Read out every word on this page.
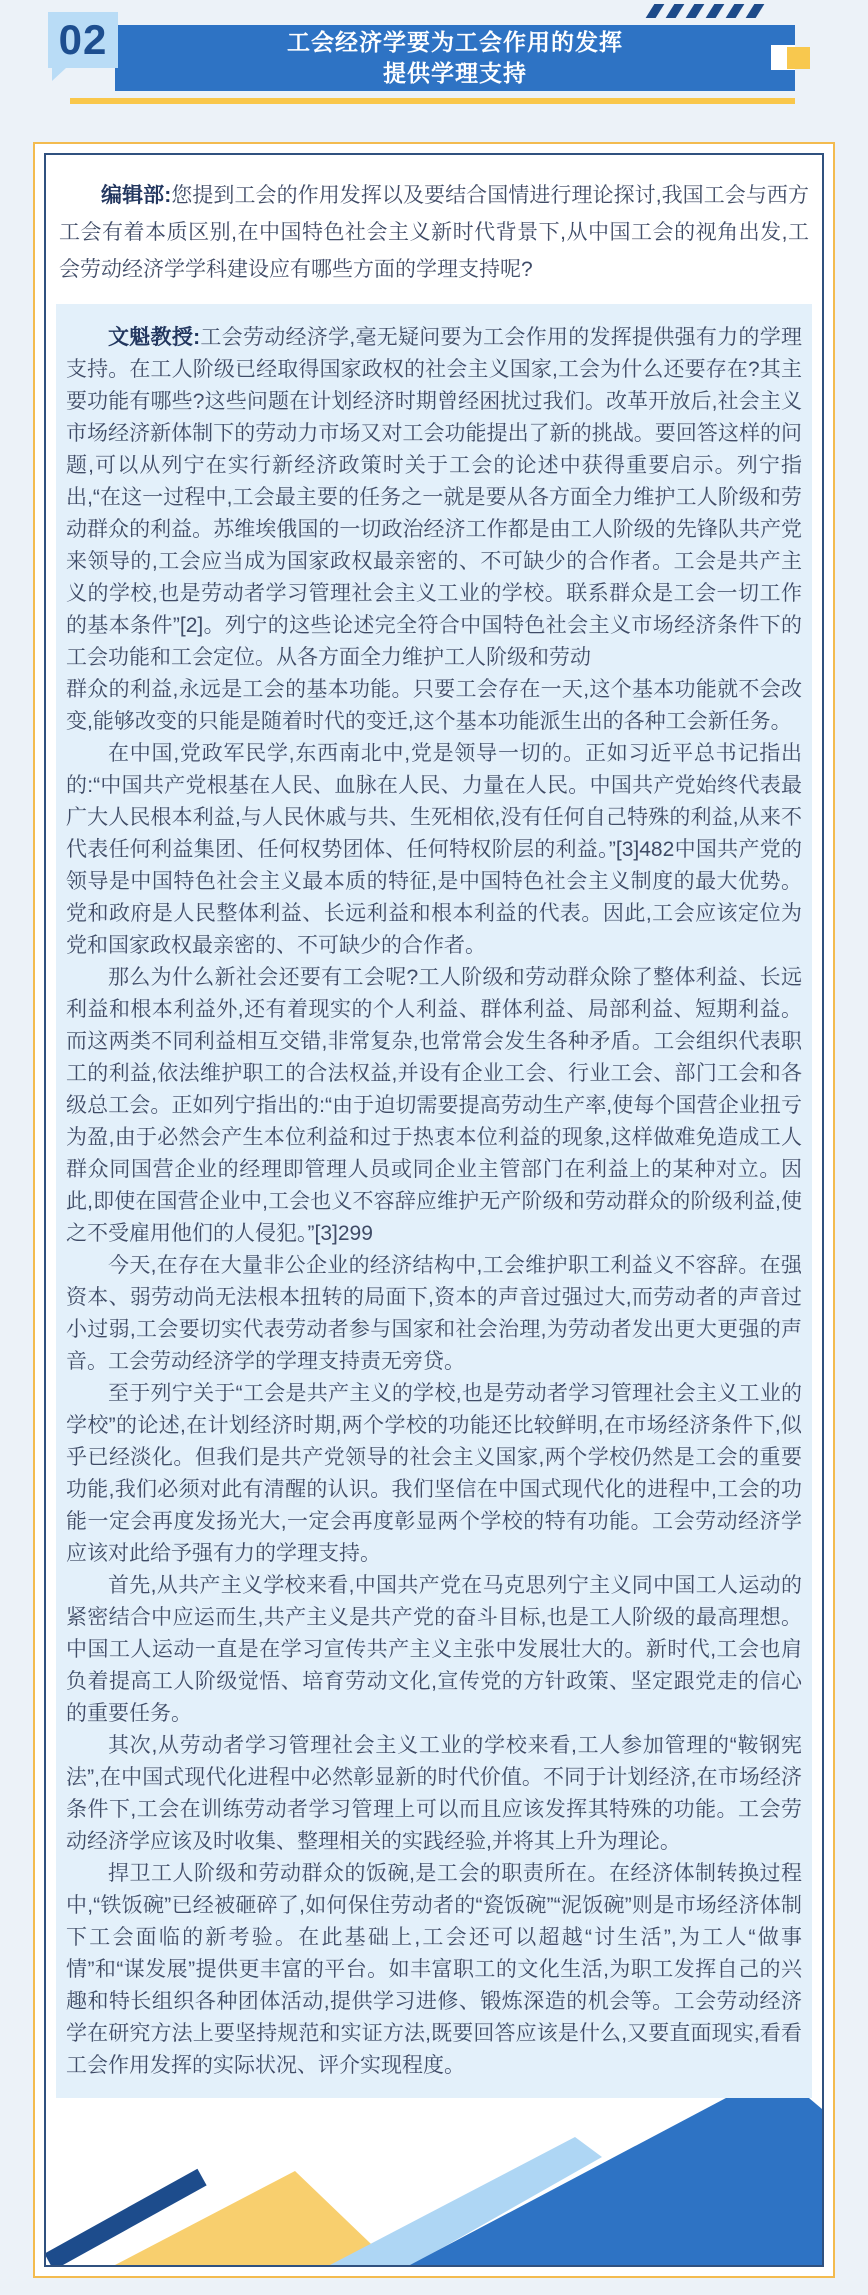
工会经济学要为工会作用的发挥
提供学理支持
02

编辑部:您提到工会的作用发挥以及要结合国情进行理论探讨,我国工会与西方工会有着本质区别,在中国特色社会主义新时代背景下,从中国工会的视角出发,工会劳动经济学学科建设应有哪些方面的学理支持呢?

文魁教授:工会劳动经济学,毫无疑问要为工会作用的发挥提供强有力的学理支持。在工人阶级已经取得国家政权的社会主义国家,工会为什么还要存在?其主要功能有哪些?这些问题在计划经济时期曾经困扰过我们。改革开放后,社会主义市场经济新体制下的劳动力市场又对工会功能提出了新的挑战。要回答这样的问题,可以从列宁在实行新经济政策时关于工会的论述中获得重要启示。列宁指出,“在这一过程中,工会最主要的任务之一就是要从各方面全力维护工人阶级和劳动群众的利益。苏维埃俄国的一切政治经济工作都是由工人阶级的先锋队共产党来领导的,工会应当成为国家政权最亲密的、不可缺少的合作者。工会是共产主义的学校,也是劳动者学习管理社会主义工业的学校。联系群众是工会一切工作的基本条件”[2]。列宁的这些论述完全符合中国特色社会主义市场经济条件下的工会功能和工会定位。从各方面全力维护工人阶级和劳动

群众的利益,永远是工会的基本功能。只要工会存在一天,这个基本功能就不会改变,能够改变的只能是随着时代的变迁,这个基本功能派生出的各种工会新任务。

在中国,党政军民学,东西南北中,党是领导一切的。正如习近平总书记指出的:“中国共产党根基在人民、血脉在人民、力量在人民。中国共产党始终代表最广大人民根本利益,与人民休戚与共、生死相依,没有任何自己特殊的利益,从来不代表任何利益集团、任何权势团体、任何特权阶层的利益。”[3]482中国共产党的领导是中国特色社会主义最本质的特征,是中国特色社会主义制度的最大优势。党和政府是人民整体利益、长远利益和根本利益的代表。因此,工会应该定位为党和国家政权最亲密的、不可缺少的合作者。

那么为什么新社会还要有工会呢?工人阶级和劳动群众除了整体利益、长远利益和根本利益外,还有着现实的个人利益、群体利益、局部利益、短期利益。而这两类不同利益相互交错,非常复杂,也常常会发生各种矛盾。工会组织代表职工的利益,依法维护职工的合法权益,并设有企业工会、行业工会、部门工会和各级总工会。正如列宁指出的:“由于迫切需要提高劳动生产率,使每个国营企业扭亏为盈,由于必然会产生本位利益和过于热衷本位利益的现象,这样做难免造成工人群众同国营企业的经理即管理人员或同企业主管部门在利益上的某种对立。因此,即使在国营企业中,工会也义不容辞应维护无产阶级和劳动群众的阶级利益,使之不受雇用他们的人侵犯。”[3]299

今天,在存在大量非公企业的经济结构中,工会维护职工利益义不容辞。在强资本、弱劳动尚无法根本扭转的局面下,资本的声音过强过大,而劳动者的声音过小过弱,工会要切实代表劳动者参与国家和社会治理,为劳动者发出更大更强的声音。工会劳动经济学的学理支持责无旁贷。

至于列宁关于“工会是共产主义的学校,也是劳动者学习管理社会主义工业的学校”的论述,在计划经济时期,两个学校的功能还比较鲜明,在市场经济条件下,似乎已经淡化。但我们是共产党领导的社会主义国家,两个学校仍然是工会的重要功能,我们必须对此有清醒的认识。我们坚信在中国式现代化的进程中,工会的功能一定会再度发扬光大,一定会再度彰显两个学校的特有功能。工会劳动经济学应该对此给予强有力的学理支持。

首先,从共产主义学校来看,中国共产党在马克思列宁主义同中国工人运动的紧密结合中应运而生,共产主义是共产党的奋斗目标,也是工人阶级的最高理想。中国工人运动一直是在学习宣传共产主义主张中发展壮大的。新时代,工会也肩负着提高工人阶级觉悟、培育劳动文化,宣传党的方针政策、坚定跟党走的信心的重要任务。

其次,从劳动者学习管理社会主义工业的学校来看,工人参加管理的“鞍钢宪法”,在中国式现代化进程中必然彰显新的时代价值。不同于计划经济,在市场经济条件下,工会在训练劳动者学习管理上可以而且应该发挥其特殊的功能。工会劳动经济学应该及时收集、整理相关的实践经验,并将其上升为理论。

捍卫工人阶级和劳动群众的饭碗,是工会的职责所在。在经济体制转换过程中,“铁饭碗”已经被砸碎了,如何保住劳动者的“瓷饭碗”“泥饭碗”则是市场经济体制下工会面临的新考验。在此基础上,工会还可以超越“讨生活”,为工人“做事情”和“谋发展”提供更丰富的平台。如丰富职工的文化生活,为职工发挥自己的兴趣和特长组织各种团体活动,提供学习进修、锻炼深造的机会等。工会劳动经济学在研究方法上要坚持规范和实证方法,既要回答应该是什么,又要直面现实,看看工会作用发挥的实际状况、评介实现程度。
